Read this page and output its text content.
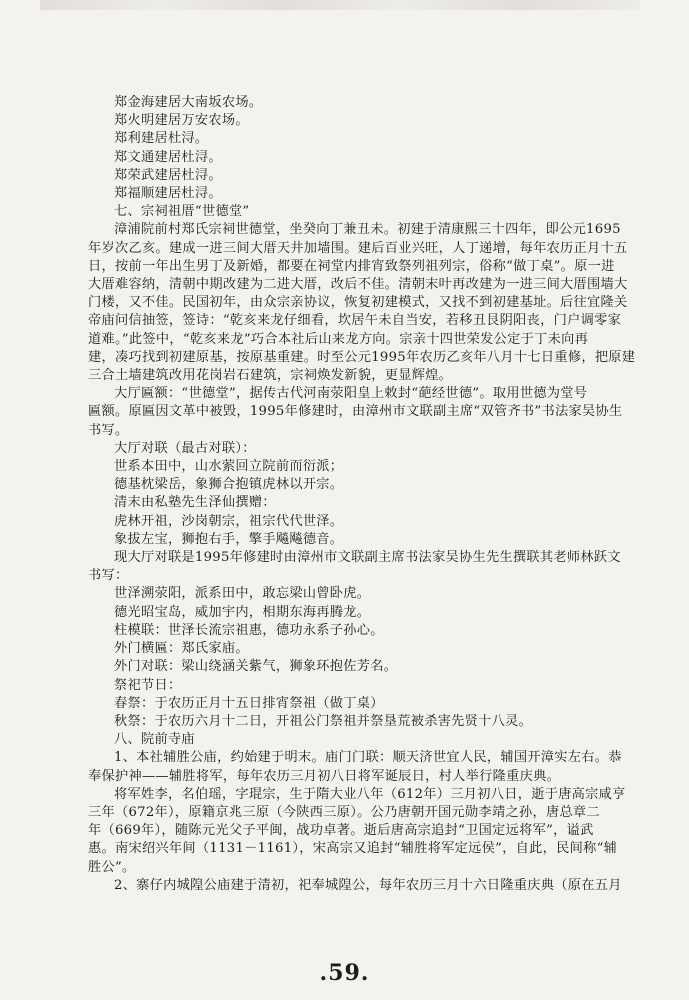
郑金海建居大南坂农场。
郑火明建居万安农场。
郑利建居杜浔。
郑文通建居杜浔。
郑荣武建居杜浔。
郑福顺建居杜浔。
七、宗祠祖厝“世德堂”
漳浦院前村郑氏宗祠世德堂，坐癸向丁兼丑未。初建于清康熙三十四年，即公元1695
年岁次乙亥。建成一进三间大厝天井加墙围。建后百业兴旺，人丁递增，每年农历正月十五
日，按前一年出生男丁及新婚，都要在祠堂内排宵致祭列祖列宗，俗称“做丁桌”。原一进
大厝难容纳，清朝中期改建为二进大厝，改后不佳。清朝末叶再改建为一进三间大厝围墙大
门楼，又不佳。民国初年，由众宗亲协议，恢复初建模式，又找不到初建基址。后往宜隆关
帝庙问信抽签，签诗：“乾亥来龙仔细看，坎居午未自当安，若移丑艮阴阳丧，门户调零家
道难。”此签中，“乾亥来龙”巧合本社后山来龙方向。宗亲十四世荣发公定于丁未向再
建，凑巧找到初建原基，按原基重建。时至公元1995年农历乙亥年八月十七日重修，把原建
三合土墙建筑改用花岗岩石建筑，宗祠焕发新貌，更显辉煌。
大厅匾额：“世德堂”，据传古代河南荥阳皇上敕封“葩经世德”。取用世德为堂号
匾额。原匾因文革中被毁，1995年修建时，由漳州市文联副主席“双管齐书”书法家吴协生
书写。
大厅对联（最古对联）：
世系本田中，山水萦回立院前而衍派；
德基枕梁岳，象狮合抱镇虎林以开宗。
清末由私塾先生泽仙撰赠：
虎林开祖，沙岗朝宗，祖宗代代世泽。
象拔左宝，狮抱右手，擎手飚飚德音。
现大厅对联是1995年修建时由漳州市文联副主席书法家吴协生先生撰联其老师林跃文
书写：
世泽溯荥阳，派系田中，敢忘梁山曾卧虎。
德光昭宝岛，威加宇内，相期东海再腾龙。
柱模联：世泽长流宗祖惠，德功永系子孙心。
外门横匾：郑氏家庙。
外门对联：梁山绕涵关紫气，狮象环抱佐芳名。
祭祀节日：
春祭：于农历正月十五日排宵祭祖（做丁桌）
秋祭：于农历六月十二日，开祖公门祭祖并祭垦荒被杀害先贤十八灵。
八、院前寺庙
1、本社辅胜公庙，约始建于明末。庙门门联：顺天济世宜人民，辅国开漳实左右。恭
奉保护神——辅胜将军，每年农历三月初八日将军诞辰日，村人举行隆重庆典。
将军姓李，名伯瑶，字琨宗，生于隋大业八年（612年）三月初八日，逝于唐高宗咸亨
三年（672年），原籍京兆三原（今陕西三原）。公乃唐朝开国元勋李靖之孙，唐总章二
年（669年），随陈元光父子平闽，战功卓著。逝后唐高宗追封“卫国定远将军”，谥武
惠。南宋绍兴年间（1131－1161），宋高宗又追封“辅胜将军定远侯”，自此，民间称“辅
胜公”。
2、寨仔内城隍公庙建于清初，祀奉城隍公，每年农历三月十六日隆重庆典（原在五月
.59.
